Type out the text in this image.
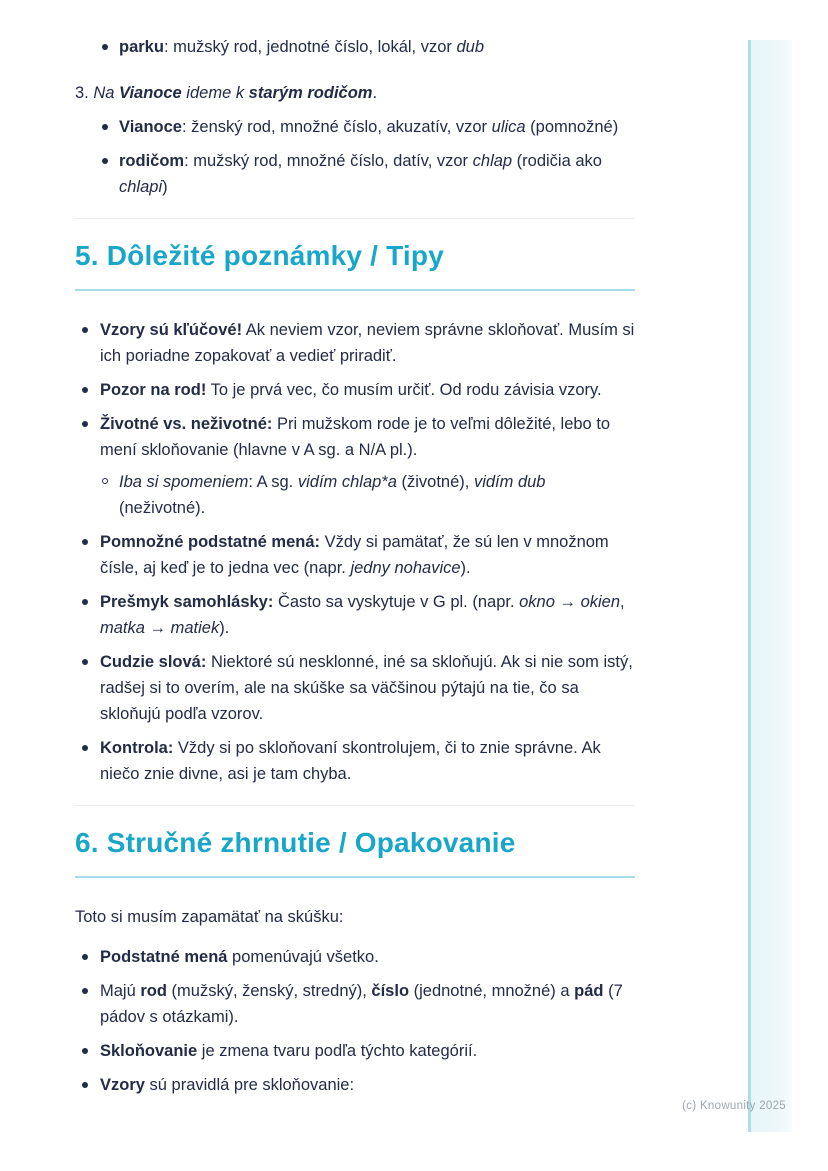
parku: mužský rod, jednotné číslo, lokál, vzor dub
3. Na Vianoce ideme k starým rodičom.
Vianoce: ženský rod, množné číslo, akuzatív, vzor ulica (pomnožné)
rodičom: mužský rod, množné číslo, datív, vzor chlap (rodičia ako chlapi)
5. Dôležité poznámky / Tipy
Vzory sú kľúčové! Ak neviem vzor, neviem správne skloňovať. Musím si ich poriadne zopakovať a vedieť priradiť.
Pozor na rod! To je prvá vec, čo musím určiť. Od rodu závisia vzory.
Životné vs. neživotné: Pri mužskom rode je to veľmi dôležité, lebo to mení skloňovanie (hlavne v A sg. a N/A pl.).
Iba si spomeniem: A sg. vidím chlap*a (životné), vidím dub (neživotné).
Pomnožné podstatné mená: Vždy si pamätať, že sú len v množnom čísle, aj keď je to jedna vec (napr. jedny nohavice).
Prešmyk samohlásky: Často sa vyskytuje v G pl. (napr. okno → okien, matka → matiek).
Cudzie slová: Niektoré sú nesklonné, iné sa skloňujú. Ak si nie som istý, radšej si to overím, ale na skúške sa väčšinou pýtajú na tie, čo sa skloňujú podľa vzorov.
Kontrola: Vždy si po skloňovaní skontrolujem, či to znie správne. Ak niečo znie divne, asi je tam chyba.
6. Stručné zhrnutie / Opakovanie

Toto si musím zapamätať na skúšku:

Podstatné mená pomenúvajú všetko.
Majú rod (mužský, ženský, stredný), číslo (jednotné, množné) a pád (7 pádov s otázkami).
Skloňovanie je zmena tvaru podľa týchto kategórií.
Vzory sú pravidlá pre skloňovanie:
(c) Knowunity 2025
